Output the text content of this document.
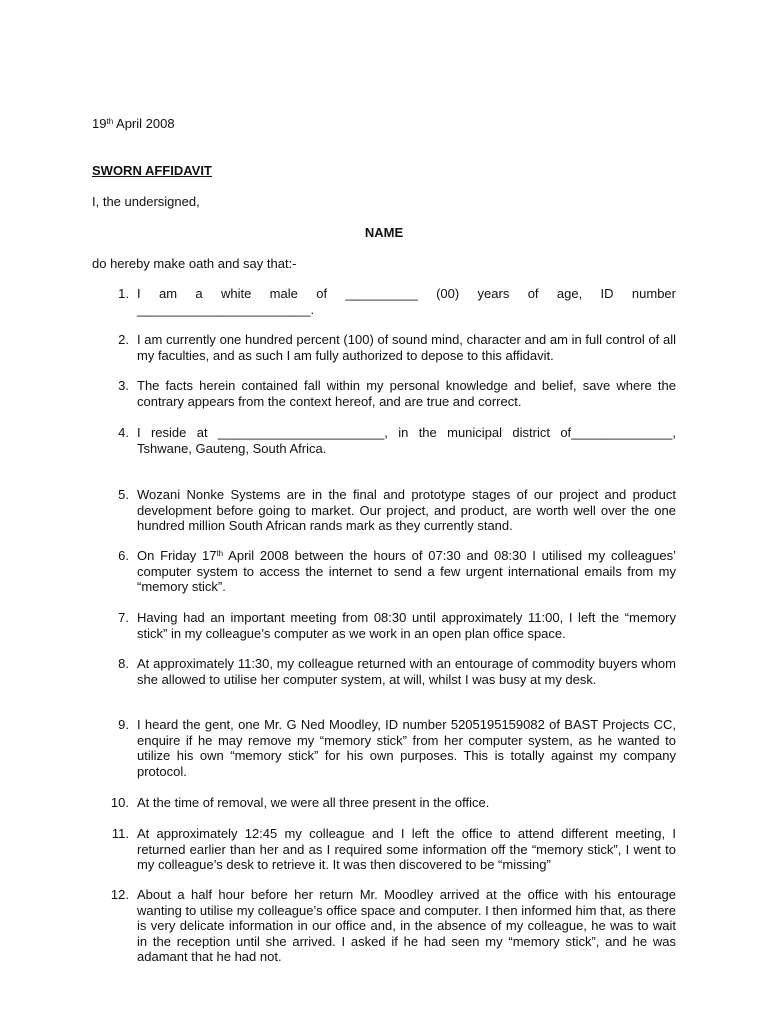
19th April 2008
SWORN AFFIDAVIT
I, the undersigned,
NAME
do hereby make oath and say that:-
1. I am a white male of __________ (00) years of age, ID number ________________________.
2. I am currently one hundred percent (100) of sound mind, character and am in full control of all my faculties, and as such I am fully authorized to depose to this affidavit.
3. The facts herein contained fall within my personal knowledge and belief, save where the contrary appears from the context hereof, and are true and correct.
4. I reside at _______________________, in the municipal district of______________, Tshwane, Gauteng, South Africa.
5. Wozani Nonke Systems are in the final and prototype stages of our project and product development before going to market. Our project, and product, are worth well over the one hundred million South African rands mark as they currently stand.
6. On Friday 17th April 2008 between the hours of 07:30 and 08:30 I utilised my colleagues’ computer system to access the internet to send a few urgent international emails from my “memory stick”.
7. Having had an important meeting from 08:30 until approximately 11:00, I left the “memory stick” in my colleague’s computer as we work in an open plan office space.
8. At approximately 11:30, my colleague returned with an entourage of commodity buyers whom she allowed to utilise her computer system, at will, whilst I was busy at my desk.
9. I heard the gent, one Mr. G Ned Moodley, ID number 5205195159082 of BAST Projects CC, enquire if he may remove my “memory stick” from her computer system, as he wanted to utilize his own “memory stick” for his own purposes. This is totally against my company protocol.
10. At the time of removal, we were all three present in the office.
11. At approximately 12:45 my colleague and I left the office to attend different meeting, I returned earlier than her and as I required some information off the “memory stick”, I went to my colleague’s desk to retrieve it. It was then discovered to be “missing”
12. About a half hour before her return Mr. Moodley arrived at the office with his entourage wanting to utilise my colleague’s office space and computer. I then informed him that, as there is very delicate information in our office and, in the absence of my colleague, he was to wait in the reception until she arrived. I asked if he had seen my “memory stick”, and he was adamant that he had not.
